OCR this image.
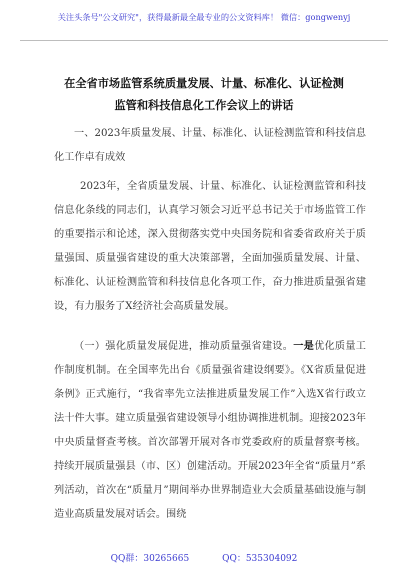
关注头条号"公文研究"，获得最新最全最专业的公文资料库！ 微信：gongwenyj
在全省市场监管系统质量发展、计量、标准化、认证检测
监管和科技信息化工作会议上的讲话

一、2023年质量发展、计量、标准化、认证检测监管和科技信息化工作卓有成效

2023年，全省质量发展、计量、标准化、认证检测监管和科技信息化条线的同志们，认真学习领会习近平总书记关于市场监管工作的重要指示和论述，深入贯彻落实党中央国务院和省委省政府关于质量强国、质量强省建设的重大决策部署，全面加强质量发展、计量、标准化、认证检测监管和科技信息化各项工作，奋力推进质量强省建设，有力服务了X经济社会高质量发展。

（一）强化质量发展促进，推动质量强省建设。一是优化质量工作制度机制。在全国率先出台《质量强省建设纲要》。《X省质量促进条例》正式施行，“我省率先立法推进质量发展工作”入选X省行政立法十件大事。建立质量强省建设领导小组协调推进机制。迎接2023年中央质量督查考核。首次部署开展对各市党委政府的质量督察考核。持续开展质量强县（市、区）创建活动。开展2023年全省“质量月”系列活动，首次在“质量月”期间举办世界制造业大会质量基础设施与制造业高质量发展对话会。围绕

QQ群：30265665	QQ：535304092
